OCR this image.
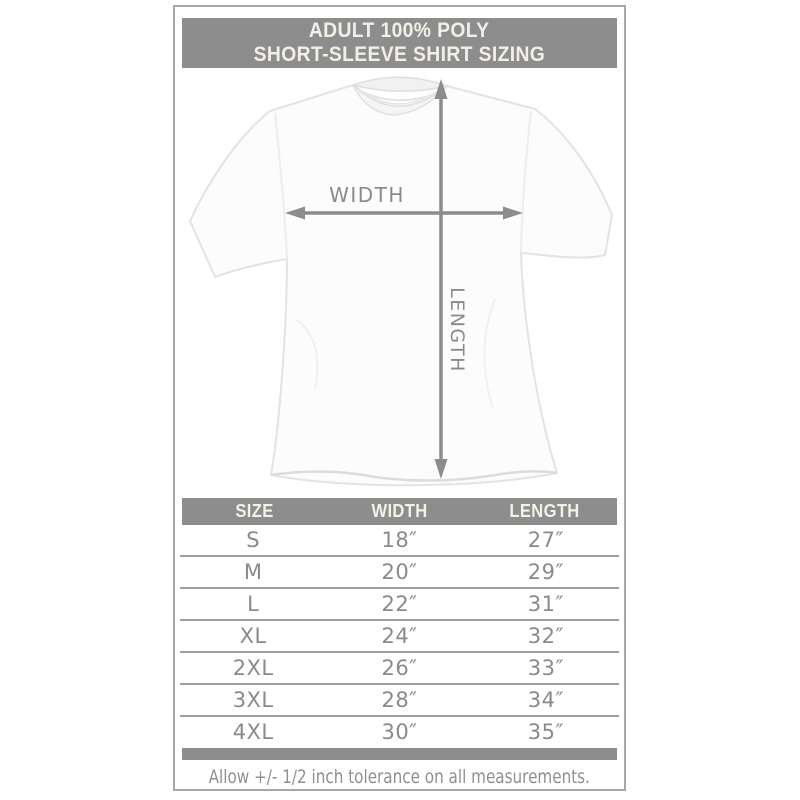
ADULT 100% POLY
SHORT-SLEEVE SHIRT SIZING
WIDTH
LENGTH
SIZE	WIDTH	LENGTH
S	18″	27″
M	20″	29″
L	22″	31″
XL	24″	32″
2XL	26″	33″
3XL	28″	34″
4XL	30″	35″
Allow +/- 1/2 inch tolerance on all measurements.
